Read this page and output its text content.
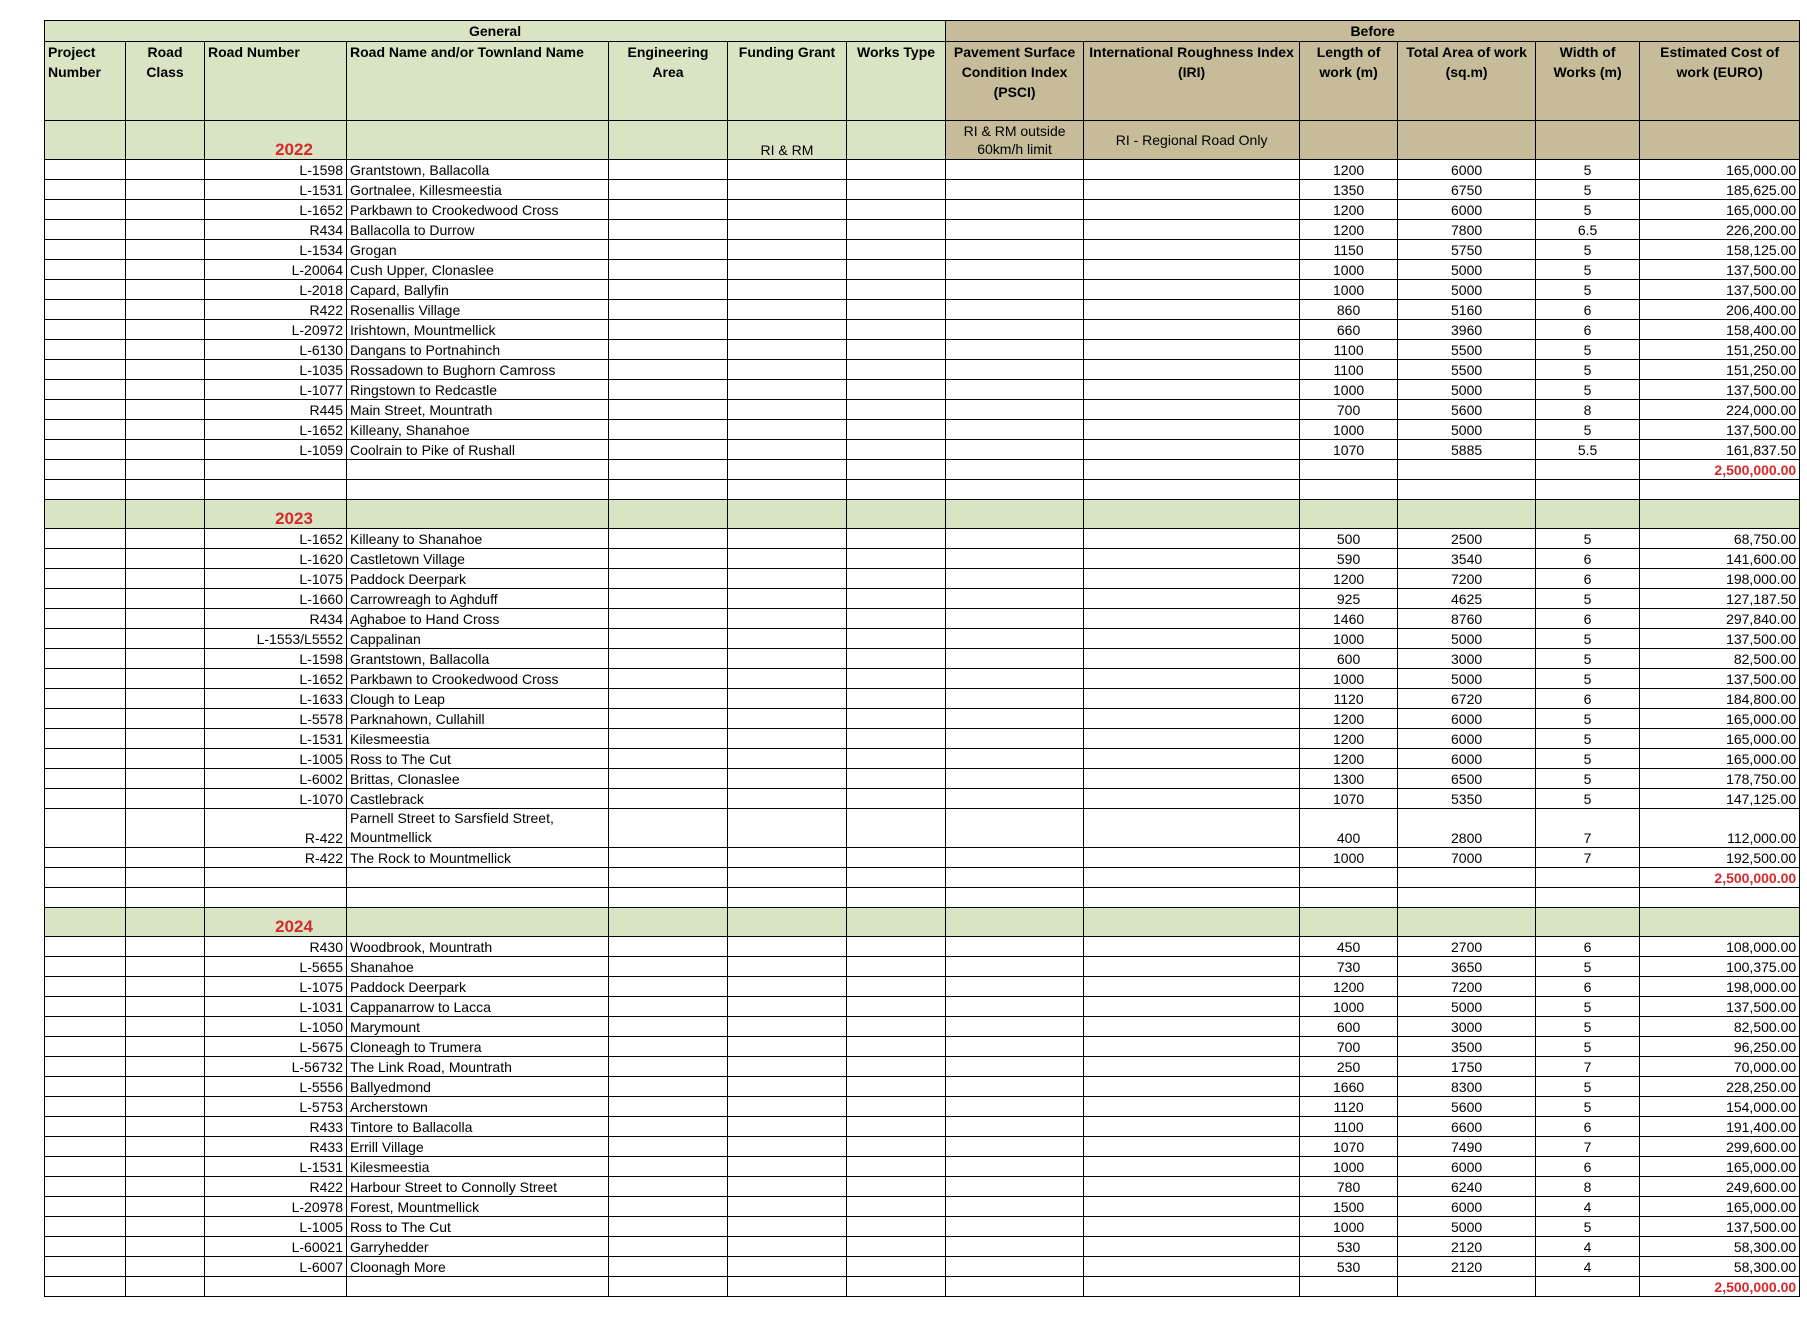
General							Before					
Project Number	Road Class	Road Number	Road Name and/or Townland Name	Engineering Area	Funding Grant	Works Type	Pavement Surface Condition Index (PSCI)	International Roughness Index (IRI)	Length of work (m)	Total Area of work (sq.m)	Width of Works (m)	Estimated Cost of work (EURO)
		2022			RI & RM		RI & RM outside 60km/h limit	RI - Regional Road Only				
		L-1598	Grantstown, Ballacolla						1200	6000	5	165,000.00
		L-1531	Gortnalee, Killesmeestia						1350	6750	5	185,625.00
		L-1652	Parkbawn to Crookedwood Cross						1200	6000	5	165,000.00
		R434	Ballacolla to Durrow						1200	7800	6.5	226,200.00
		L-1534	Grogan						1150	5750	5	158,125.00
		L-20064	Cush Upper, Clonaslee						1000	5000	5	137,500.00
		L-2018	Capard, Ballyfin						1000	5000	5	137,500.00
		R422	Rosenallis Village						860	5160	6	206,400.00
		L-20972	Irishtown, Mountmellick						660	3960	6	158,400.00
		L-6130	Dangans to Portnahinch						1100	5500	5	151,250.00
		L-1035	Rossadown to Bughorn Camross						1100	5500	5	151,250.00
		L-1077	Ringstown to Redcastle						1000	5000	5	137,500.00
		R445	Main Street, Mountrath						700	5600	8	224,000.00
		L-1652	Killeany, Shanahoe						1000	5000	5	137,500.00
		L-1059	Coolrain to Pike of Rushall						1070	5885	5.5	161,837.50
												2,500,000.00

		2023										
		L-1652	Killeany to Shanahoe						500	2500	5	68,750.00
		L-1620	Castletown Village						590	3540	6	141,600.00
		L-1075	Paddock Deerpark						1200	7200	6	198,000.00
		L-1660	Carrowreagh to Aghduff						925	4625	5	127,187.50
		R434	Aghaboe to Hand Cross						1460	8760	6	297,840.00
		L-1553/L5552	Cappalinan						1000	5000	5	137,500.00
		L-1598	Grantstown, Ballacolla						600	3000	5	82,500.00
		L-1652	Parkbawn to Crookedwood Cross						1000	5000	5	137,500.00
		L-1633	Clough to Leap						1120	6720	6	184,800.00
		L-5578	Parknahown, Cullahill						1200	6000	5	165,000.00
		L-1531	Kilesmeestia						1200	6000	5	165,000.00
		L-1005	Ross to The Cut						1200	6000	5	165,000.00
		L-6002	Brittas, Clonaslee						1300	6500	5	178,750.00
		L-1070	Castlebrack						1070	5350	5	147,125.00
		R-422	Parnell Street to Sarsfield Street, Mountmellick						400	2800	7	112,000.00
		R-422	The Rock to Mountmellick						1000	7000	7	192,500.00
												2,500,000.00

		2024										
		R430	Woodbrook, Mountrath						450	2700	6	108,000.00
		L-5655	Shanahoe						730	3650	5	100,375.00
		L-1075	Paddock Deerpark						1200	7200	6	198,000.00
		L-1031	Cappanarrow to Lacca						1000	5000	5	137,500.00
		L-1050	Marymount						600	3000	5	82,500.00
		L-5675	Cloneagh to Trumera						700	3500	5	96,250.00
		L-56732	The Link Road, Mountrath						250	1750	7	70,000.00
		L-5556	Ballyedmond						1660	8300	5	228,250.00
		L-5753	Archerstown						1120	5600	5	154,000.00
		R433	Tintore to Ballacolla						1100	6600	6	191,400.00
		R433	Errill Village						1070	7490	7	299,600.00
		L-1531	Kilesmeestia						1000	6000	6	165,000.00
		R422	Harbour Street to Connolly Street						780	6240	8	249,600.00
		L-20978	Forest, Mountmellick						1500	6000	4	165,000.00
		L-1005	Ross to The Cut						1000	5000	5	137,500.00
		L-60021	Garryhedder						530	2120	4	58,300.00
		L-6007	Cloonagh More						530	2120	4	58,300.00
												2,500,000.00
